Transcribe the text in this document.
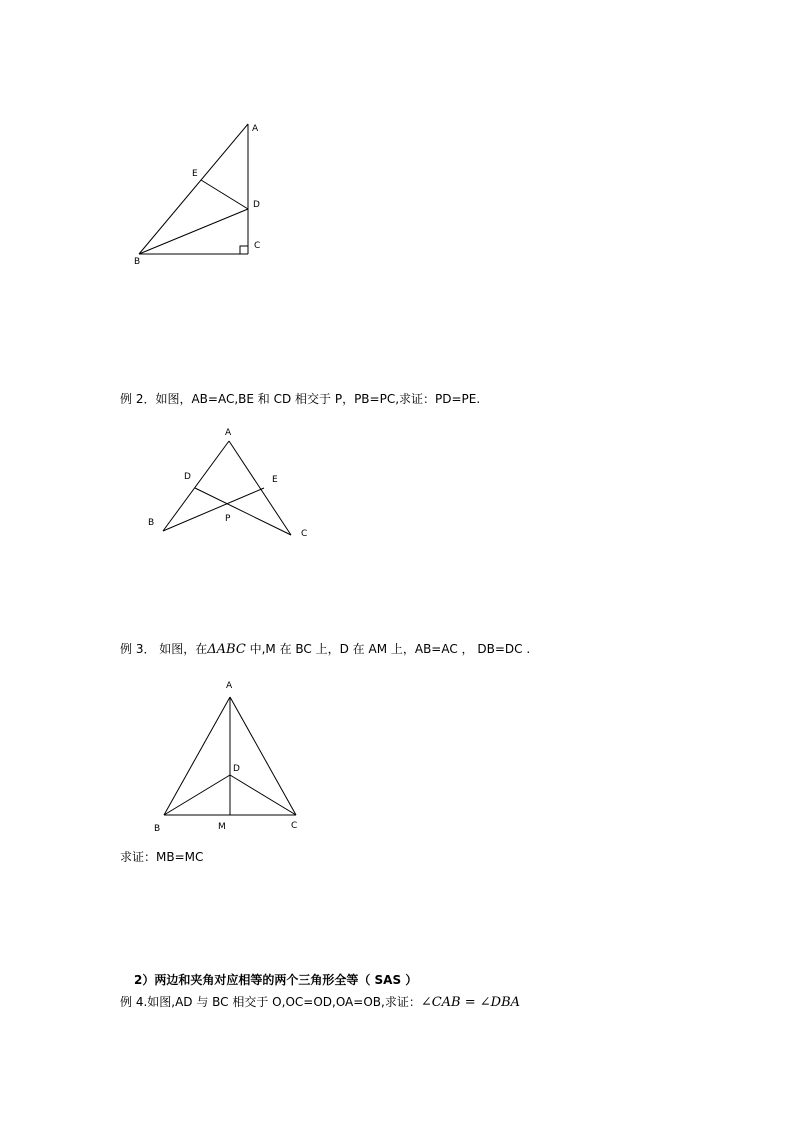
A
E
D
C
B
例 2．如图，AB=AC,BE 和 CD 相交于 P，PB=PC,求证：PD=PE.
A
D	E
B	P
C
例 3． 如图，在ΔABC 中,M 在 BC 上，D 在 AM 上，AB=AC ， DB=DC .
A
D
B	M	C
求证：MB=MC
2）两边和夹角对应相等的两个三角形全等（ SAS ）
例 4.如图,AD 与 BC 相交于 O,OC=OD,OA=OB,求证：∠CAB = ∠DBA
